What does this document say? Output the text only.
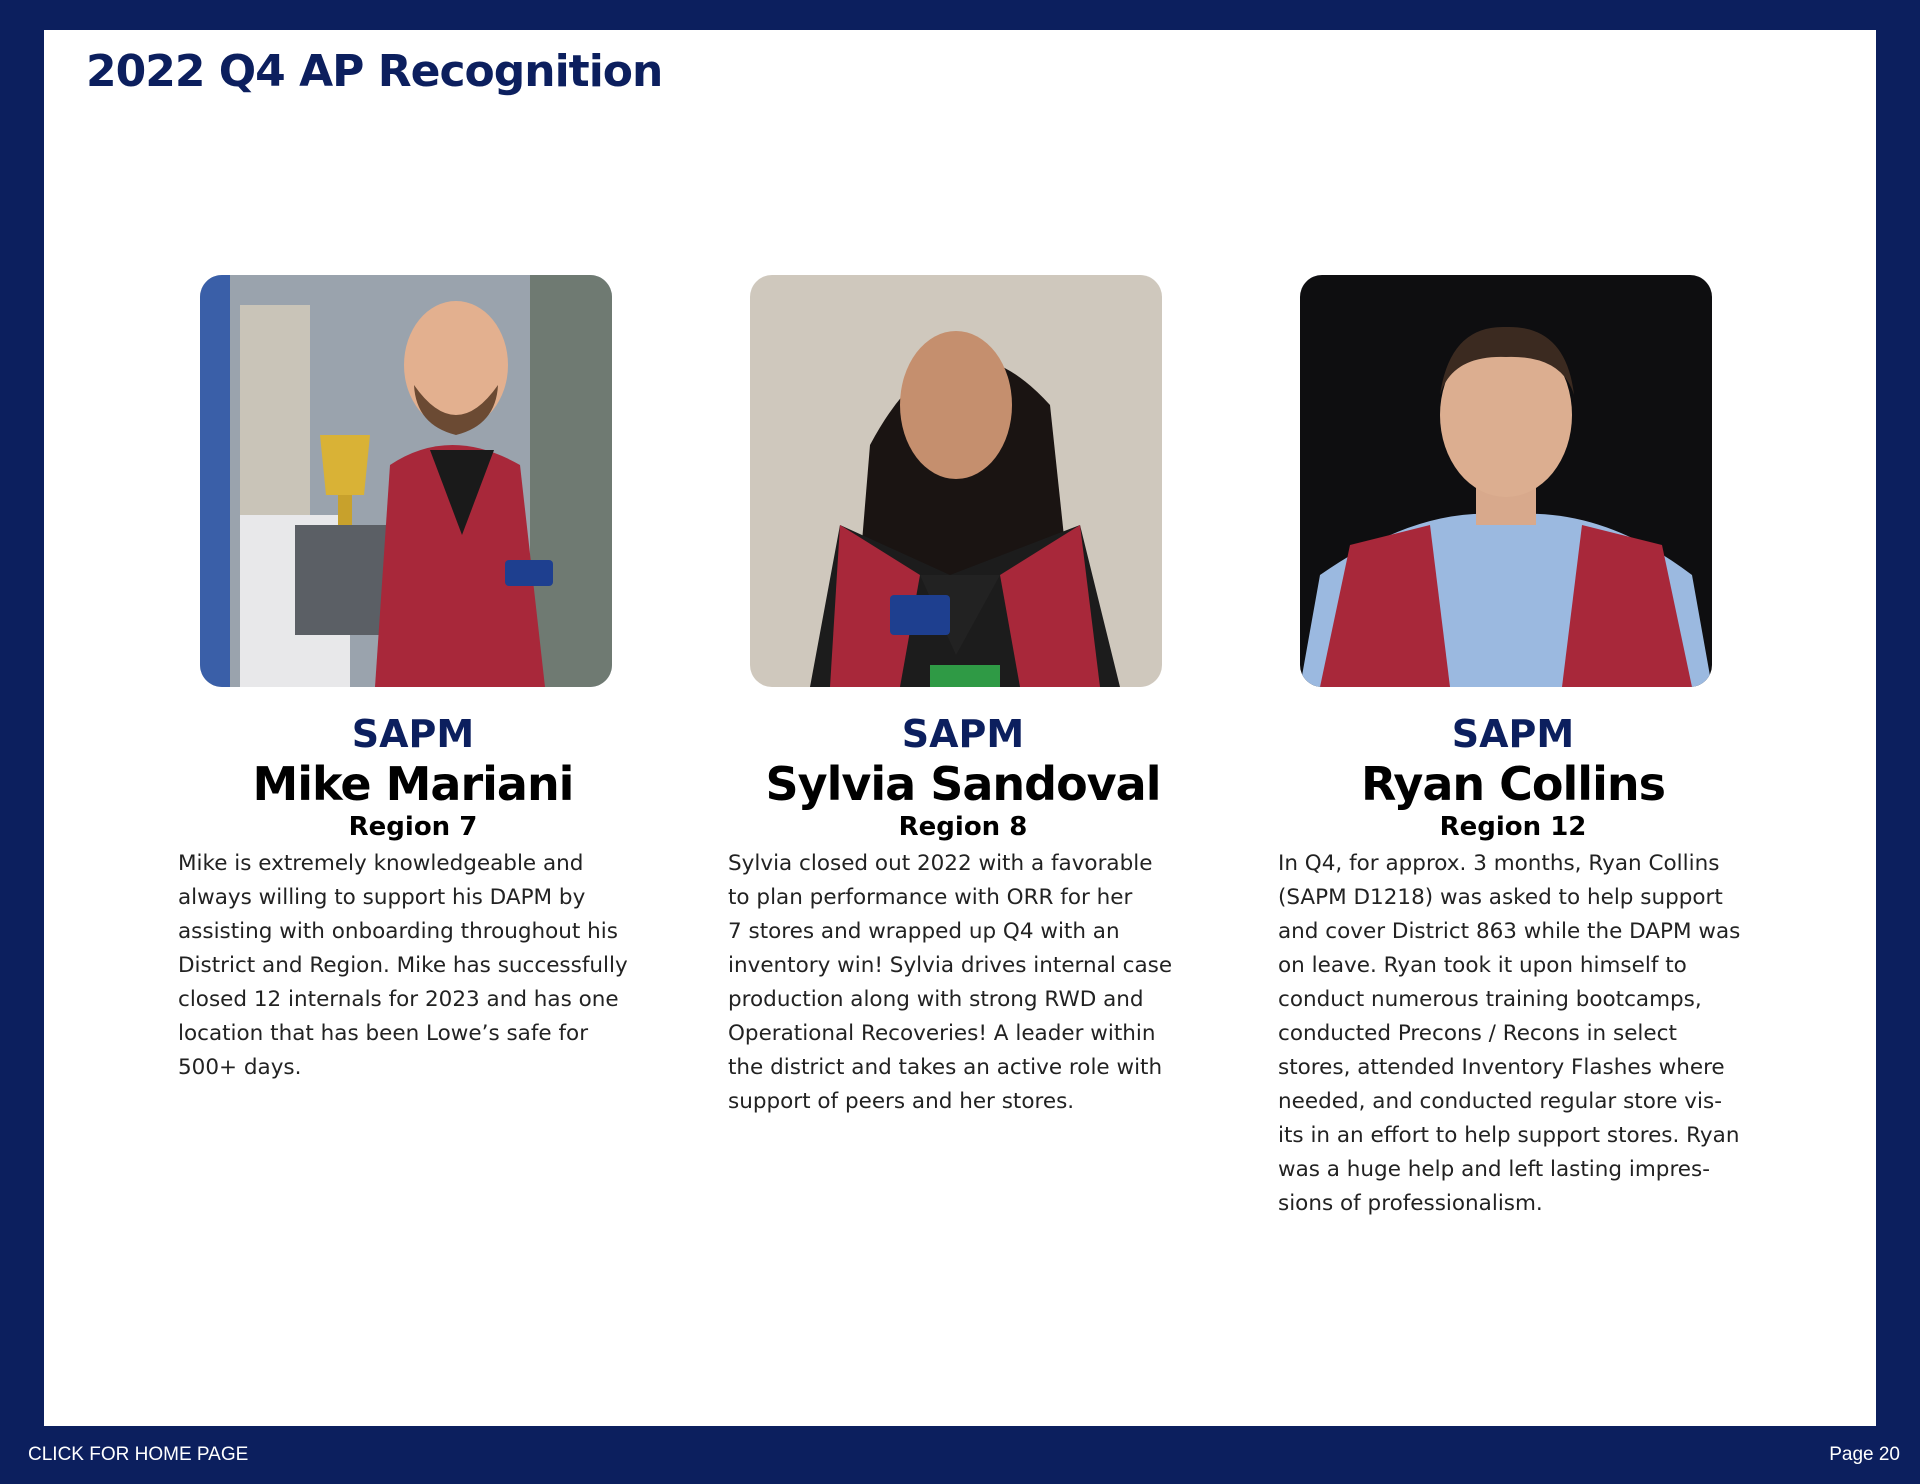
2022 Q4 AP Recognition
SAPM
Mike Mariani
Region 7
Mike is extremely knowledgeable and
always willing to support his DAPM by
assisting with onboarding throughout his
District and Region. Mike has successfully
closed 12 internals for 2023 and has one
location that has been Lowe’s safe for
500+ days.
SAPM
Sylvia Sandoval
Region 8
Sylvia closed out 2022 with a favorable
to plan performance with ORR for her
7 stores and wrapped up Q4 with an
inventory win! Sylvia drives internal case
production along with strong RWD and
Operational Recoveries! A leader within
the district and takes an active role with
support of peers and her stores.
SAPM
Ryan Collins
Region 12
In Q4, for approx. 3 months, Ryan Collins
(SAPM D1218) was asked to help support
and cover District 863 while the DAPM was
on leave. Ryan took it upon himself to
conduct numerous training bootcamps,
conducted Precons / Recons in select
stores, attended Inventory Flashes where
needed, and conducted regular store vis-
its in an effort to help support stores. Ryan
was a huge help and left lasting impres-
sions of professionalism.
CLICK FOR HOME PAGE	Page 20
